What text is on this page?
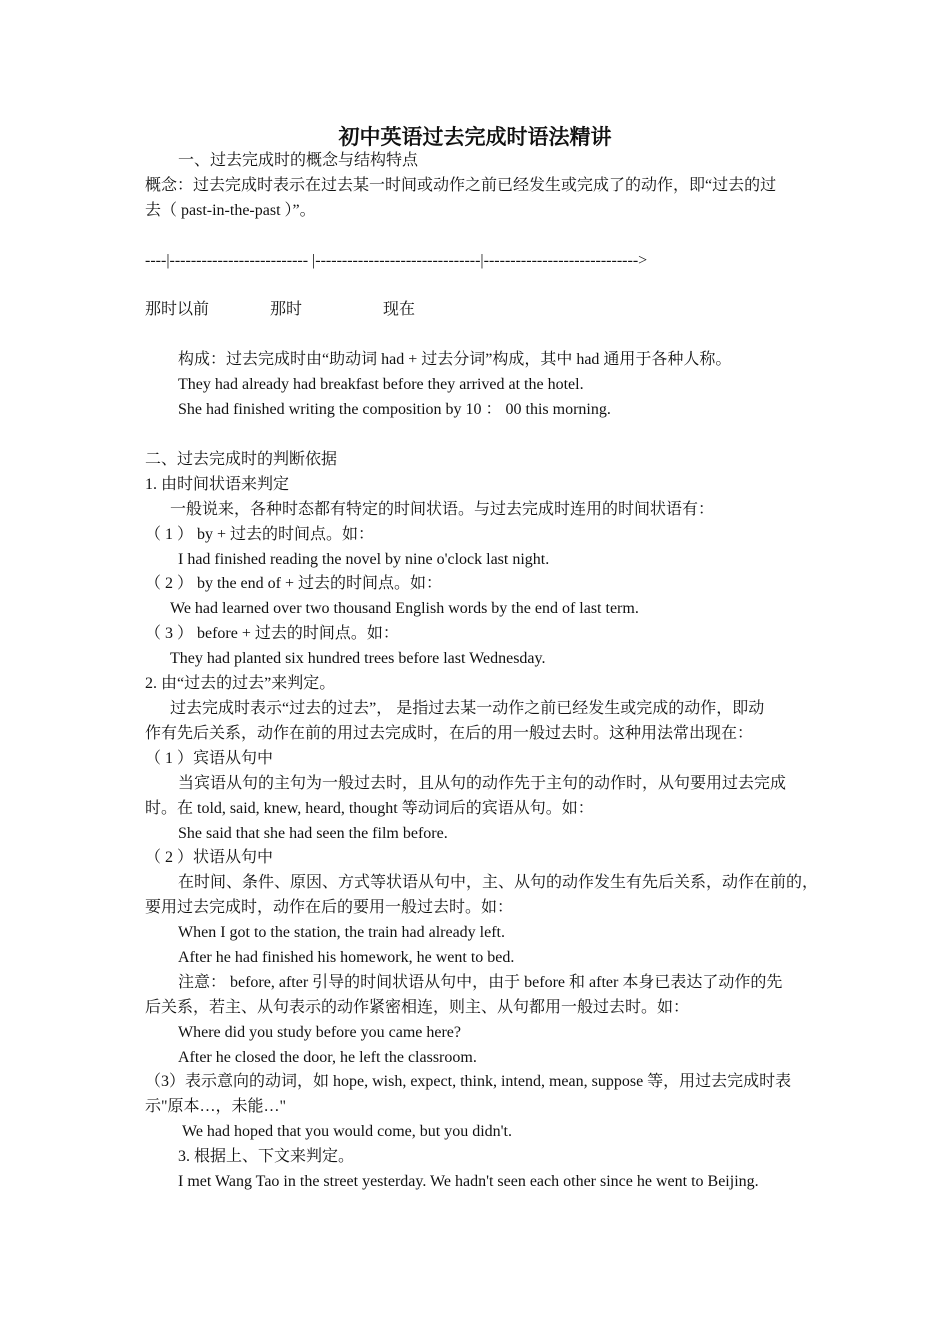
初中英语过去完成时语法精讲
一、过去完成时的概念与结构特点
概念：过去完成时表示在过去某一时间或动作之前已经发生或完成了的动作，即“过去的过
去（ past-in-the-past ）”。
----|-------------------------- |-------------------------------|----------------------------->
那时以前	那时	现在
构成：过去完成时由“助动词 had + 过去分词”构成，其中 had 通用于各种人称。
They had already had breakfast before they arrived at the hotel.
She had finished writing the composition by 10 ： 00 this morning.
二、过去完成时的判断依据
1. 由时间状语来判定
一般说来，各种时态都有特定的时间状语。与过去完成时连用的时间状语有：
（ 1 ） by + 过去的时间点。如：
I had finished reading the novel by nine o'clock last night.
（ 2 ） by the end of + 过去的时间点。如：
We had learned over two thousand English words by the end of last term.
（ 3 ） before + 过去的时间点。如：
They had planted six hundred trees before last Wednesday.
2. 由“过去的过去”来判定。
过去完成时表示“过去的过去”， 是指过去某一动作之前已经发生或完成的动作，即动
作有先后关系，动作在前的用过去完成时，在后的用一般过去时。这种用法常出现在：
（ 1 ）宾语从句中
当宾语从句的主句为一般过去时，且从句的动作先于主句的动作时，从句要用过去完成
时。在 told, said, knew, heard, thought 等动词后的宾语从句。如：
She said that she had seen the film before.
（ 2 ）状语从句中
在时间、条件、原因、方式等状语从句中，主、从句的动作发生有先后关系，动作在前的，
要用过去完成时，动作在后的要用一般过去时。如：
When I got to the station, the train had already left.
After he had finished his homework, he went to bed.
注意： before, after 引导的时间状语从句中，由于 before 和 after 本身已表达了动作的先
后关系，若主、从句表示的动作紧密相连，则主、从句都用一般过去时。如：
Where did you study before you came here?
After he closed the door, he left the classroom.
（3）表示意向的动词，如 hope, wish, expect, think, intend, mean, suppose 等，用过去完成时表
示"原本…，未能…"
We had hoped that you would come, but you didn't.
3. 根据上、下文来判定。
I met Wang Tao in the street yesterday. We hadn't seen each other since he went to Beijing.
